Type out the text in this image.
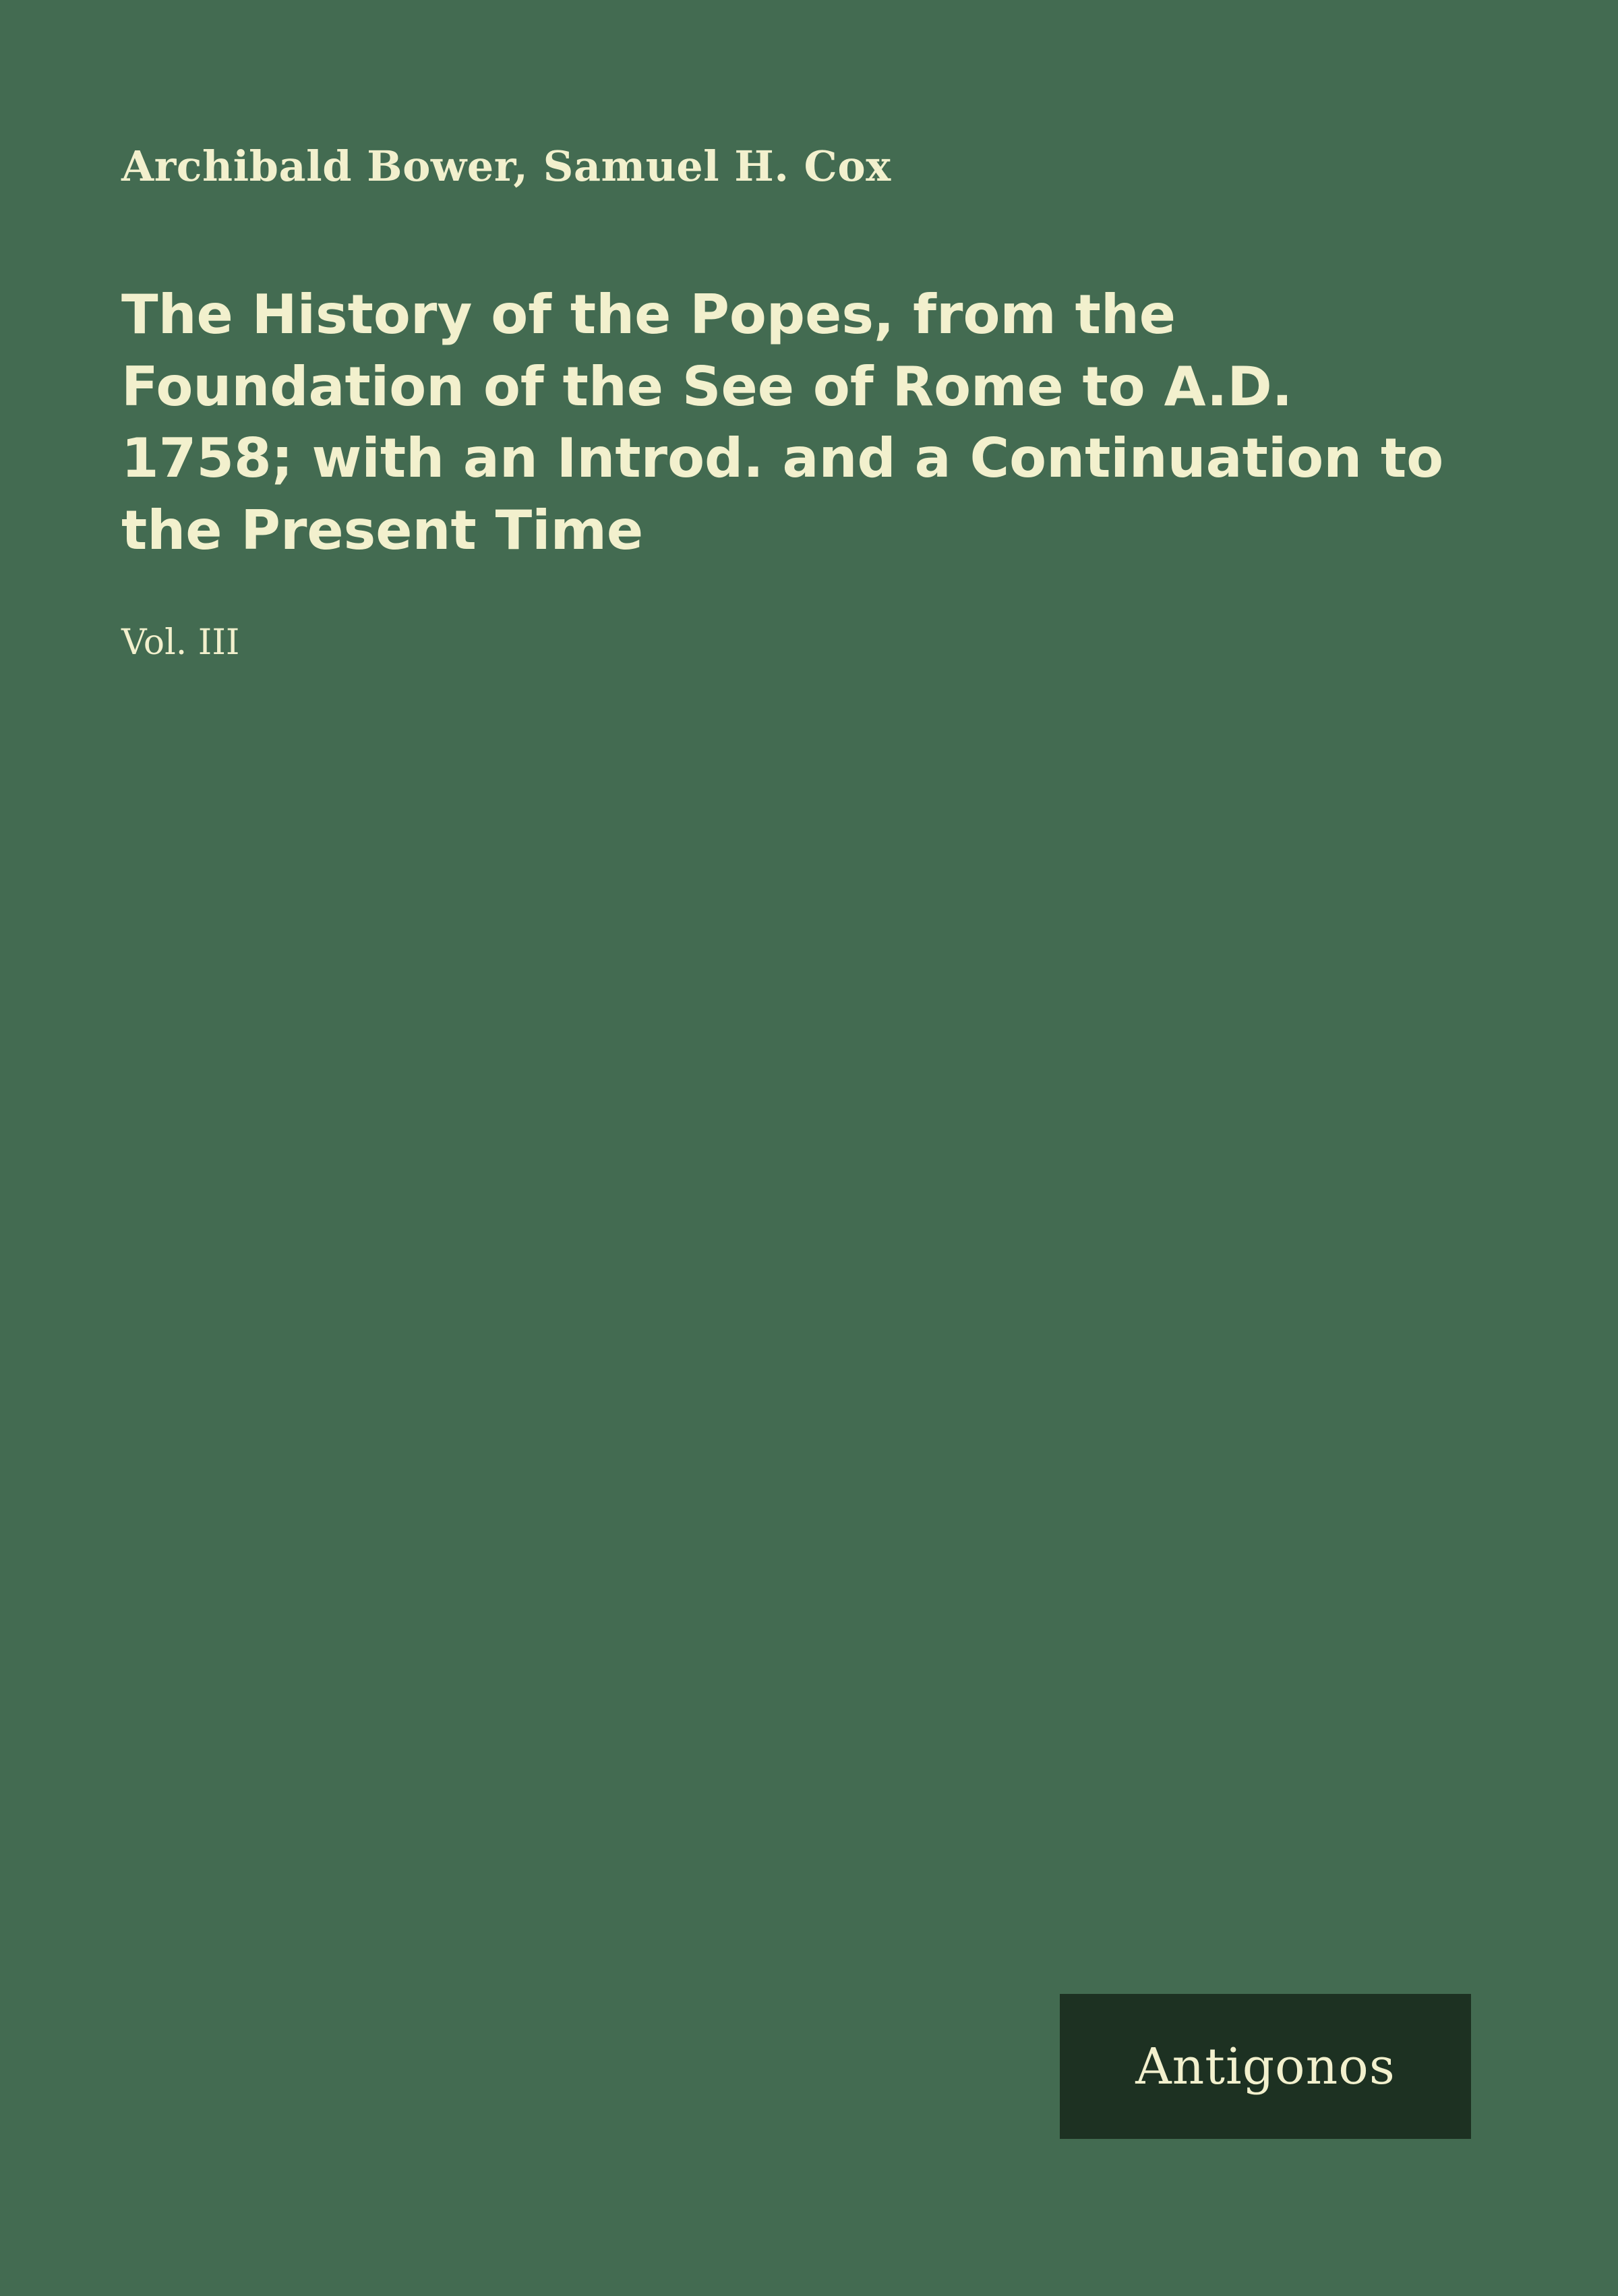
Archibald Bower, Samuel H. Cox
The History of the Popes, from the Foundation of the See of Rome to A.D. 1758; with an Introd. and a Continuation to the Present Time
Vol. III
Antigonos
